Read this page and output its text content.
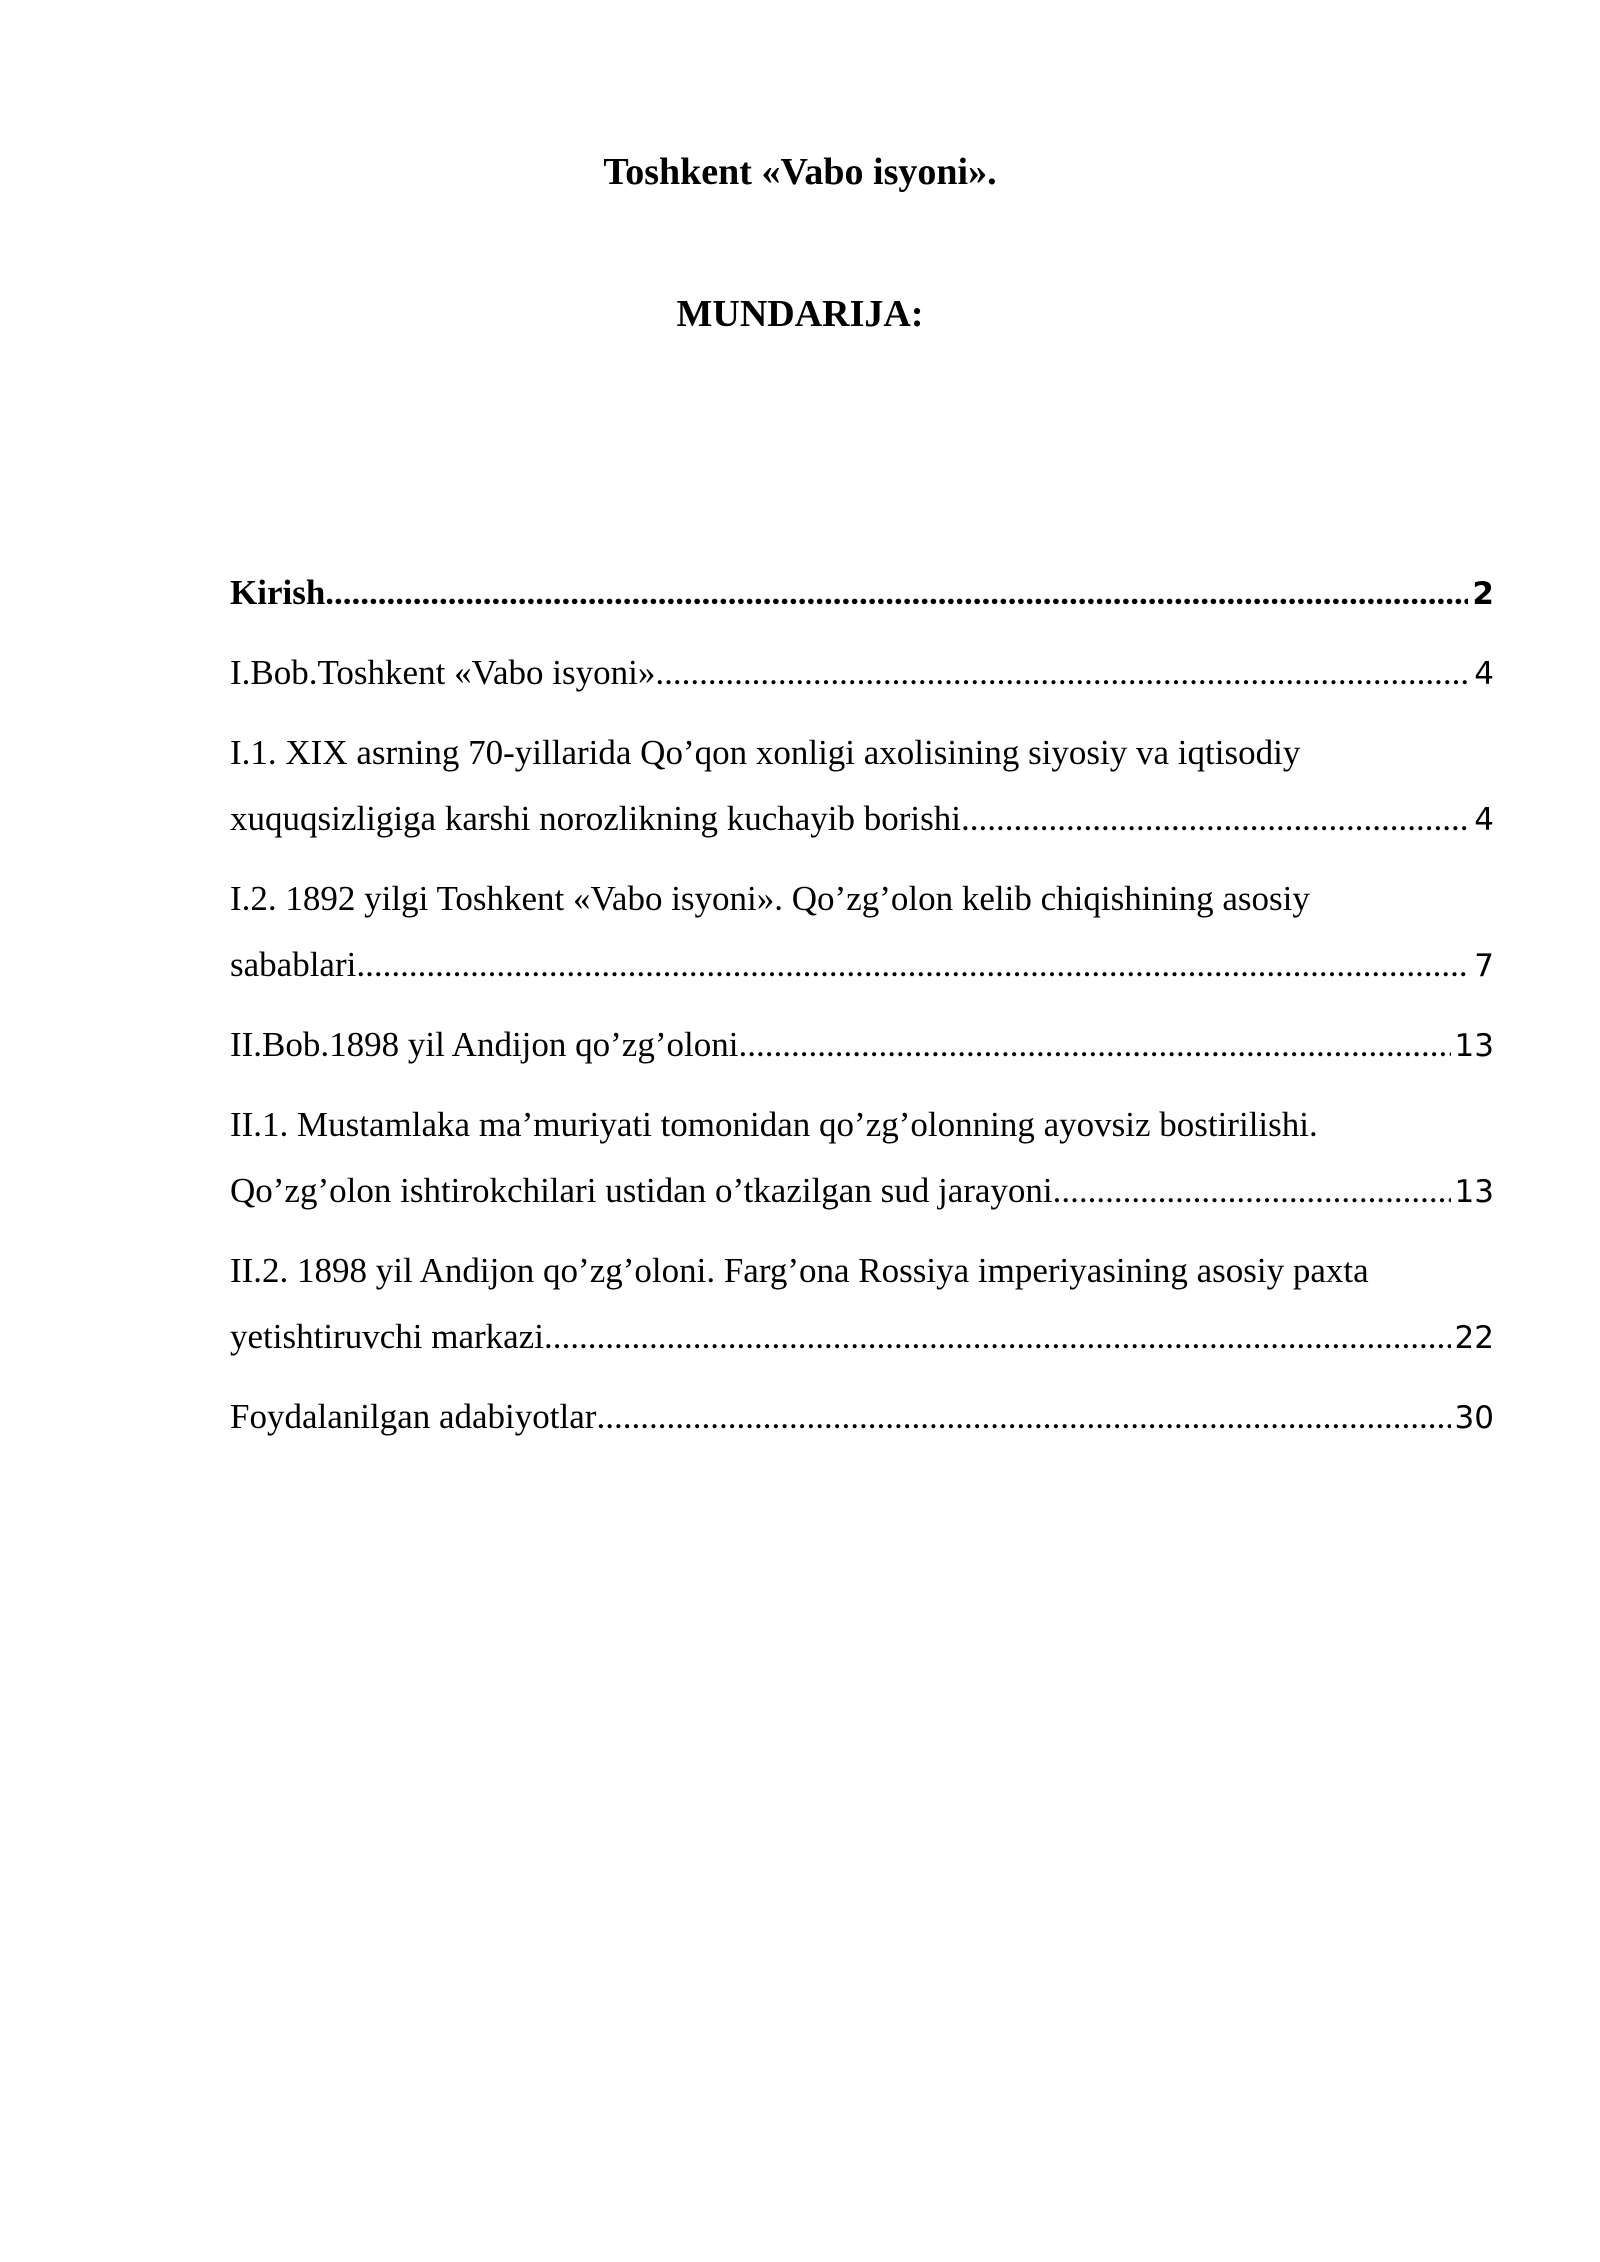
Toshkent «Vabo isyoni».
MUNDARIJA:
Kirish .....	2
I.Bob.Toshkent «Vabo isyoni» .....	4
I.1. XIX asrning 70-yillarida Qo’qon xonligi axolisining siyosiy va iqtisodiy
xuquqsizligiga karshi norozlikning kuchayib borishi. .....	4
I.2. 1892 yilgi Toshkent «Vabo isyoni». Qo’zg’olon kelib chiqishining asosiy
sabablari .....	7
II.Bob.1898 yil Andijon qo’zg’oloni .....	13
II.1. Mustamlaka ma’muriyati tomonidan qo’zg’olonning ayovsiz bostirilishi.
Qo’zg’olon ishtirokchilari ustidan o’tkazilgan sud jarayoni. .....	13
II.2. 1898 yil Andijon qo’zg’oloni. Farg’ona Rossiya imperiyasining asosiy paxta
yetishtiruvchi markazi .....	22
Foydalanilgan adabiyotlar .....	30
